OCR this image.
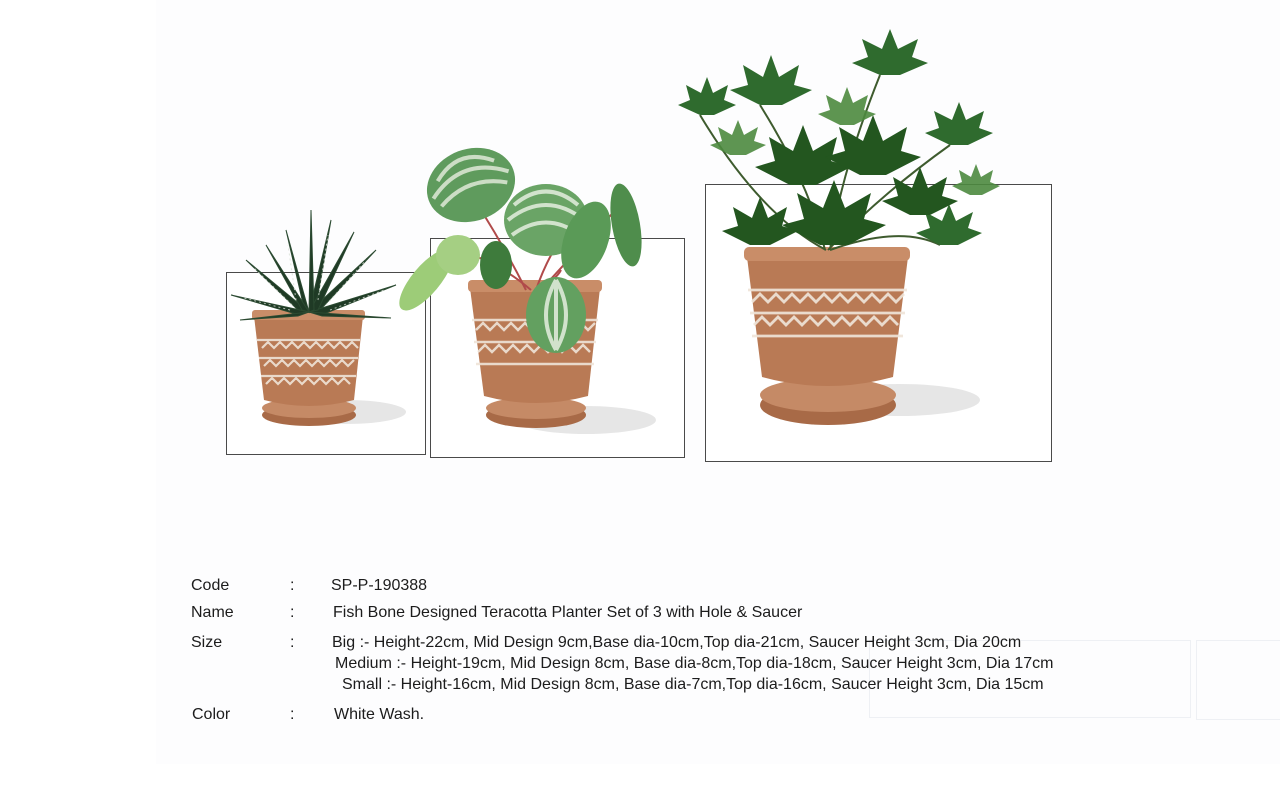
Code	: SP-P-190388
Name	: Fish Bone Designed Teracotta Planter Set of 3 with Hole & Saucer
Size	: Big :- Height-22cm, Mid Design 9cm,Base dia-10cm,Top dia-21cm, Saucer Height 3cm, Dia 20cm
Medium :- Height-19cm, Mid Design 8cm, Base dia-8cm,Top dia-18cm, Saucer Height 3cm, Dia 17cm
Small :- Height-16cm, Mid Design 8cm, Base dia-7cm,Top dia-16cm, Saucer Height 3cm, Dia 15cm
Color	: White Wash.
